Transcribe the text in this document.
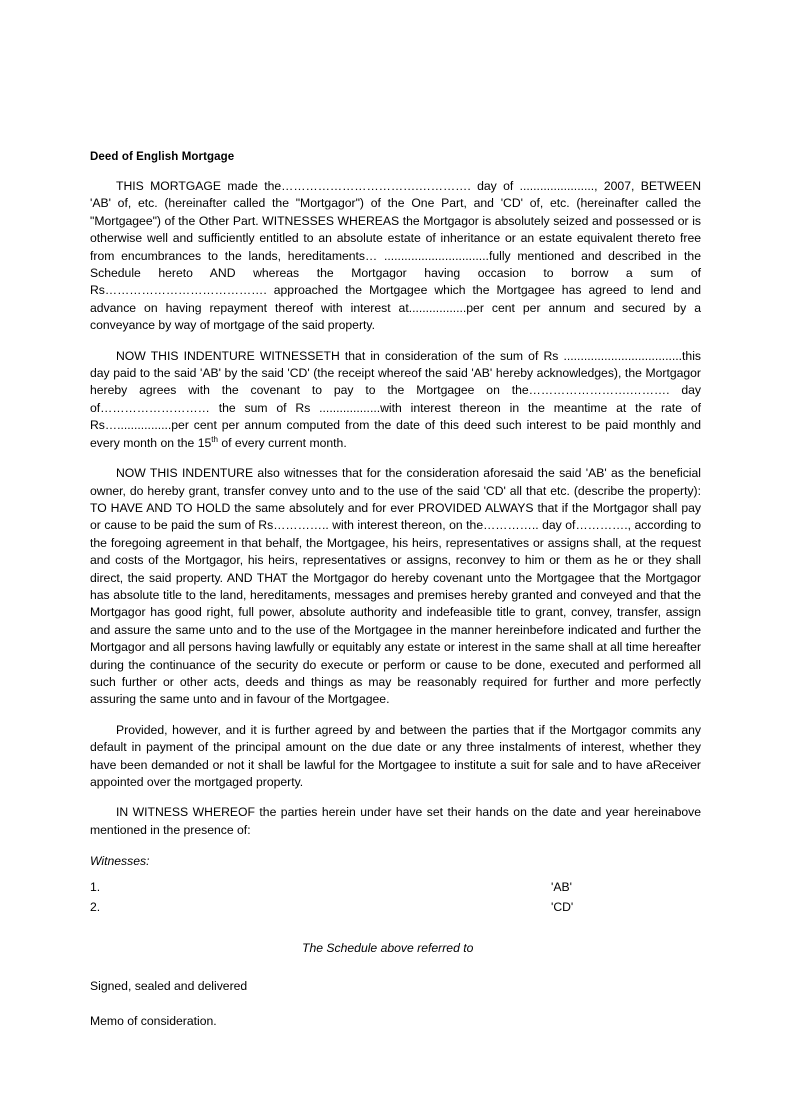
Deed of English Mortgage

THIS MORTGAGE made the…………………………….…………. day of ......................, 2007, BETWEEN 'AB' of, etc. (hereinafter called the "Mortgagor") of the One Part, and 'CD' of, etc. (hereinafter called the "Mortgagee") of the Other Part. WITNESSES WHEREAS the Mortgagor is absolutely seized and possessed or is otherwise well and sufficiently entitled to an absolute estate of inheritance or an estate equivalent thereto free from encumbrances to the lands, hereditaments… ...............................fully mentioned and described in the Schedule hereto AND whereas the Mortgagor having occasion to borrow a sum of Rs…………………………………. approached the Mortgagee which the Mortgagee has agreed to lend and advance on having repayment thereof with interest at.................per cent per annum and secured by a conveyance by way of mortgage of the said property.

NOW THIS INDENTURE WITNESSETH that in consideration of the sum of Rs ...................................this day paid to the said 'AB' by the said 'CD' (the receipt whereof the said 'AB' hereby acknowledges), the Mortgagor hereby agrees with the covenant to pay to the Mortgagee on the…………………….………. day of……………………… the sum of Rs ..................with interest thereon in the meantime at the rate of Rs…................per cent per annum computed from the date of this deed such interest to be paid monthly and every month on the 15th of every current month.

NOW THIS INDENTURE also witnesses that for the consideration aforesaid the said 'AB' as the beneficial owner, do hereby grant, transfer convey unto and to the use of the said 'CD' all that etc. (describe the property): TO HAVE AND TO HOLD the same absolutely and for ever PROVIDED ALWAYS that if the Mortgagor shall pay or cause to be paid the sum of Rs………….. with interest thereon, on the………….. day of…………., according to the foregoing agreement in that behalf, the Mortgagee, his heirs, representatives or assigns shall, at the request and costs of the Mortgagor, his heirs, representatives or assigns, reconvey to him or them as he or they shall direct, the said property. AND THAT the Mortgagor do hereby covenant unto the Mortgagee that the Mortgagor has absolute title to the land, hereditaments, messages and premises hereby granted and conveyed and that the Mortgagor has good right, full power, absolute authority and indefeasible title to grant, convey, transfer, assign and assure the same unto and to the use of the Mortgagee in the manner hereinbefore indicated and further the Mortgagor and all persons having lawfully or equitably any estate or interest in the same shall at all time hereafter during the continuance of the security do execute or perform or cause to be done, executed and performed all such further or other acts, deeds and things as may be reasonably required for further and more perfectly assuring the same unto and in favour of the Mortgagee.

Provided, however, and it is further agreed by and between the parties that if the Mortgagor commits any default in payment of the principal amount on the due date or any three instalments of interest, whether they have been demanded or not it shall be lawful for the Mortgagee to institute a suit for sale and to have aReceiver appointed over the mortgaged property.

IN WITNESS WHEREOF the parties herein under have set their hands on the date and year hereinabove mentioned in the presence of:

Witnesses:
1.	'AB'
2.	'CD'
The Schedule above referred to
Signed, sealed and delivered
Memo of consideration.
